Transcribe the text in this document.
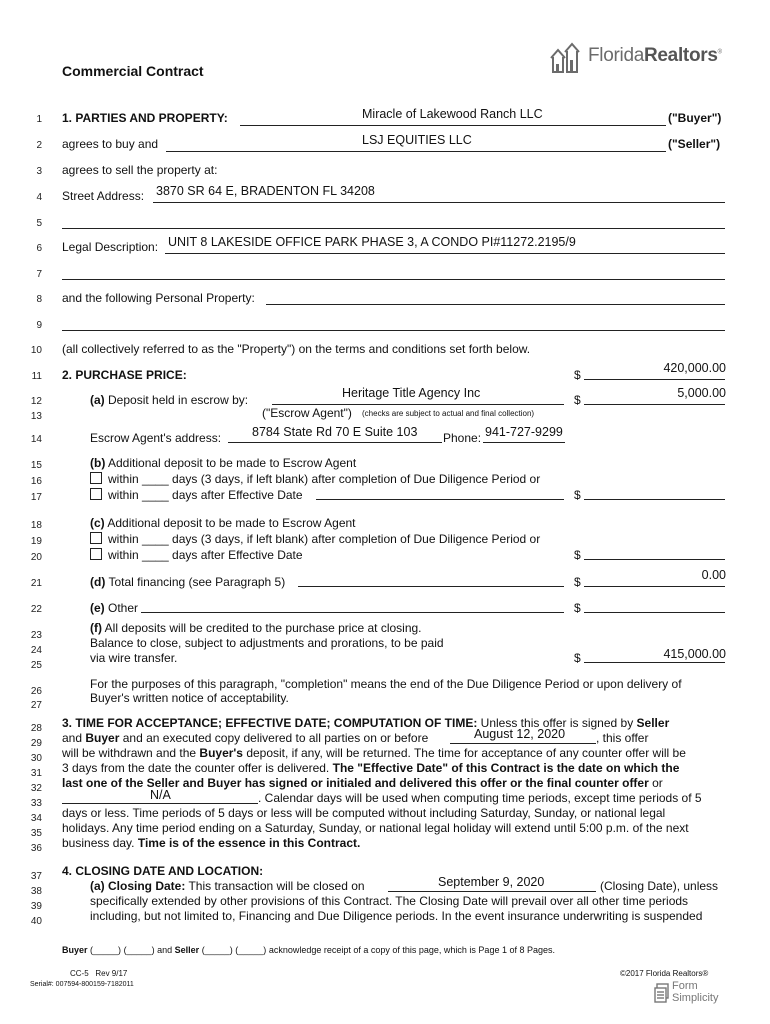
Commercial Contract
FloridaRealtors®
1 1. PARTIES AND PROPERTY:	Miracle of Lakewood Ranch LLC	("Buyer")
2 agrees to buy and	LSJ EQUITIES LLC	("Seller")
3 agrees to sell the property at:
4 Street Address: 3870 SR 64 E, BRADENTON FL 34208
5
6 Legal Description: UNIT 8 LAKESIDE OFFICE PARK PHASE 3, A CONDO PI#11272.2195/9
7
8 and the following Personal Property:
9
10 (all collectively referred to as the "Property") on the terms and conditions set forth below.
11 2. PURCHASE PRICE:	$	420,000.00
12	(a) Deposit held in escrow by:	Heritage Title Agency Inc	$	5,000.00
13	("Escrow Agent") (checks are subject to actual and final collection)
14	Escrow Agent's address: 8784 State Rd 70 E Suite 103 Phone: 941-727-9299
15	(b) Additional deposit to be made to Escrow Agent
16	within ____ days (3 days, if left blank) after completion of Due Diligence Period or
17	within ____ days after Effective Date	$
18	(c) Additional deposit to be made to Escrow Agent
19	within ____ days (3 days, if left blank) after completion of Due Diligence Period or
20	within ____ days after Effective Date	$
21	(d) Total financing (see Paragraph 5)	$	0.00
22	(e) Other	$
23
(f) All deposits will be credited to the purchase price at closing.
24
Balance to close, subject to adjustments and prorations, to be paid
25
via wire transfer.	$	415,000.00
26
For the purposes of this paragraph, "completion" means the end of the Due Diligence Period or upon delivery of
27
Buyer's written notice of acceptability.
28 3. TIME FOR ACCEPTANCE; EFFECTIVE DATE; COMPUTATION OF TIME: Unless this offer is signed by Seller
29 and Buyer and an executed copy delivered to all parties on or before	August 12, 2020	, this offer
30 will be withdrawn and the Buyer's deposit, if any, will be returned. The time for acceptance of any counter offer will be
31 3 days from the date the counter offer is delivered. The "Effective Date" of this Contract is the date on which the
32 last one of the Seller and Buyer has signed or initialed and delivered this offer or the final counter offer or
33
N/A	. Calendar days will be used when computing time periods, except time periods of 5
34 days or less. Time periods of 5 days or less will be computed without including Saturday, Sunday, or national legal
35 holidays. Any time period ending on a Saturday, Sunday, or national legal holiday will extend until 5:00 p.m. of the next
36 business day. Time is of the essence in this Contract.
37 4. CLOSING DATE AND LOCATION:
38	(a) Closing Date: This transaction will be closed on	September 9, 2020	(Closing Date), unless
39	specifically extended by other provisions of this Contract. The Closing Date will prevail over all other time periods
40	including, but not limited to, Financing and Due Diligence periods. In the event insurance underwriting is suspended
Buyer (_____) (_____) and Seller (_____) (_____) acknowledge receipt of a copy of this page, which is Page 1 of 8 Pages.
CC-5   Rev 9/17	©2017 Florida Realtors®
Serial#: 007594-800159-7182011	Form
Simplicity
